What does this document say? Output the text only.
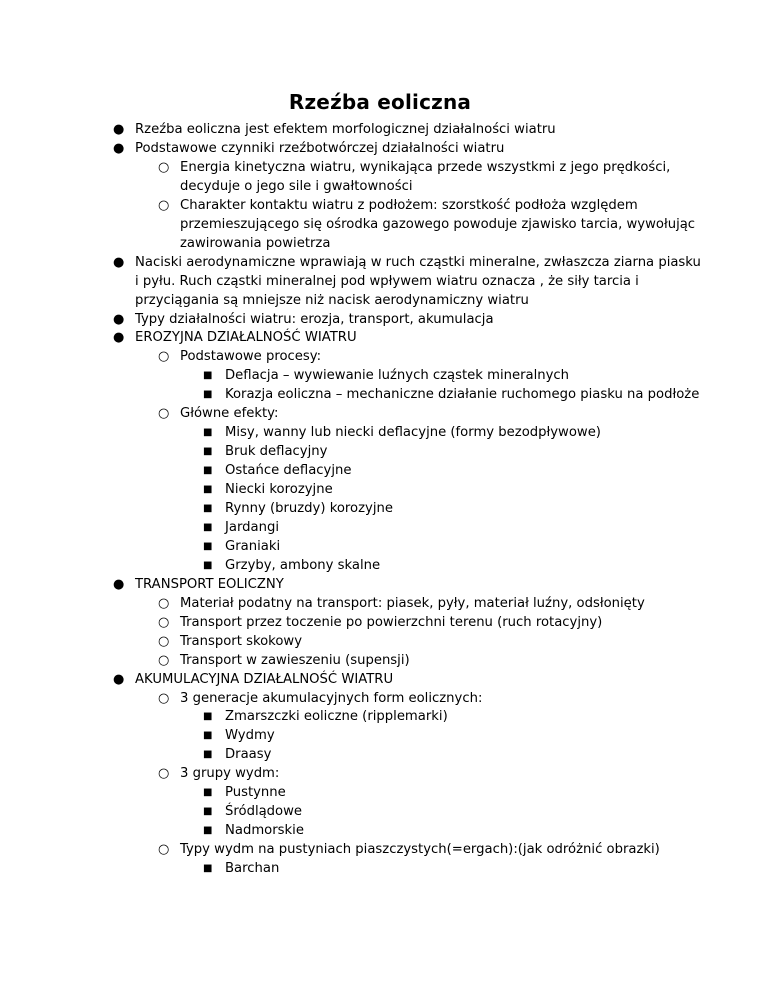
Rzeźba eoliczna
● Rzeźba eoliczna jest efektem morfologicznej działalności wiatru
● Podstawowe czynniki rzeźbotwórczej działalności wiatru
○ Energia kinetyczna wiatru, wynikająca przede wszystkmi z jego prędkości,
decyduje o jego sile i gwałtowności
○ Charakter kontaktu wiatru z podłożem: szorstkość podłoża względem
przemieszującego się ośrodka gazowego powoduje zjawisko tarcia, wywołując
zawirowania powietrza
● Naciski aerodynamiczne wprawiają w ruch cząstki mineralne, zwłaszcza ziarna piasku
i pyłu. Ruch cząstki mineralnej pod wpływem wiatru oznacza , że siły tarcia i
przyciągania są mniejsze niż nacisk aerodynamiczny wiatru
● Typy działalności wiatru: erozja, transport, akumulacja
● EROZYJNA DZIAŁALNOŚĆ WIATRU
○ Podstawowe procesy:
■ Deflacja – wywiewanie luźnych cząstek mineralnych
■ Korazja eoliczna – mechaniczne działanie ruchomego piasku na podłoże
○ Główne efekty:
■ Misy, wanny lub niecki deflacyjne (formy bezodpływowe)
■ Bruk deflacyjny
■ Ostańce deflacyjne
■ Niecki korozyjne
■ Rynny (bruzdy) korozyjne
■ Jardangi
■ Graniaki
■ Grzyby, ambony skalne
● TRANSPORT EOLICZNY
○ Materiał podatny na transport: piasek, pyły, materiał luźny, odsłonięty
○ Transport przez toczenie po powierzchni terenu (ruch rotacyjny)
○ Transport skokowy
○ Transport w zawieszeniu (supensji)
● AKUMULACYJNA DZIAŁALNOŚĆ WIATRU
○ 3 generacje akumulacyjnych form eolicznych:
■ Zmarszczki eoliczne (ripplemarki)
■ Wydmy
■ Draasy
○ 3 grupy wydm:
■ Pustynne
■ Śródlądowe
■ Nadmorskie
○ Typy wydm na pustyniach piaszczystych(=ergach):(jak odróżnić obrazki)
■ Barchan
